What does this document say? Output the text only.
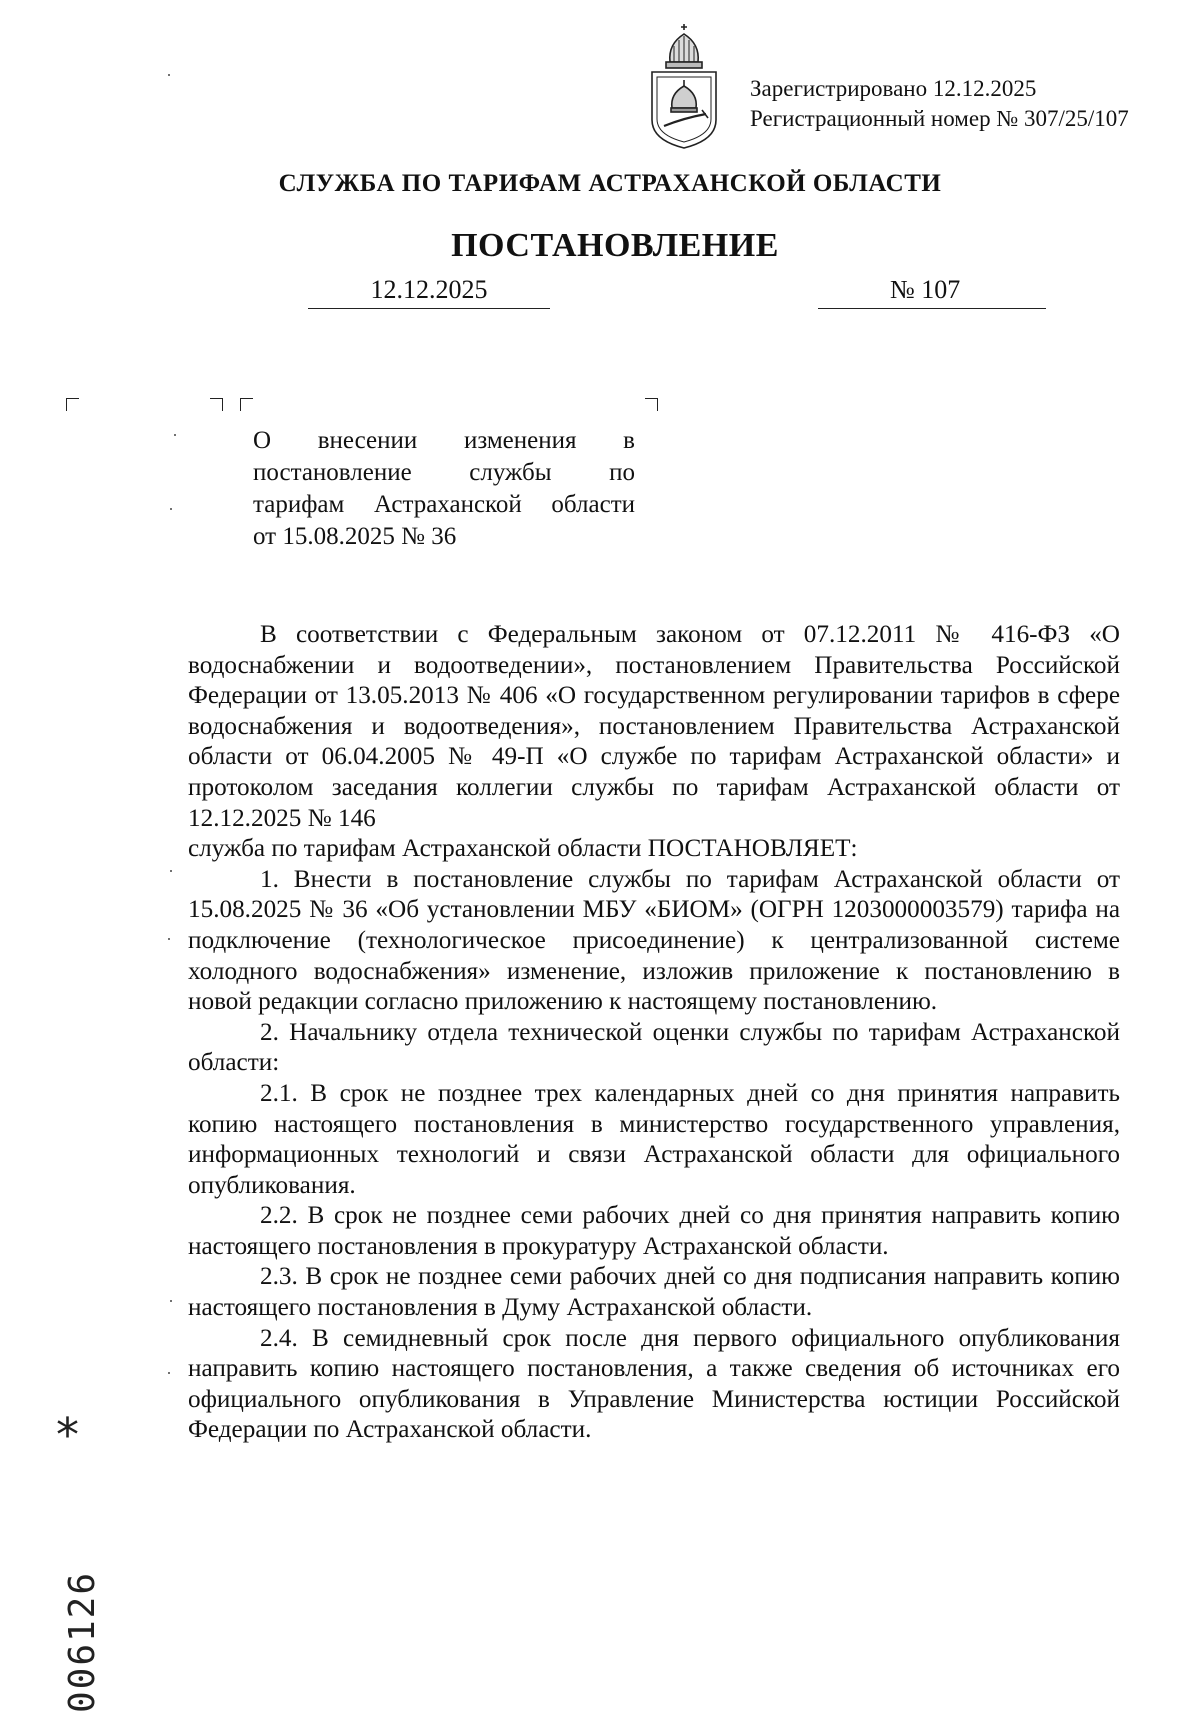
Зарегистрировано 12.12.2025
Регистрационный номер № 307/25/107
СЛУЖБА ПО ТАРИФАМ АСТРАХАНСКОЙ ОБЛАСТИ
ПОСТАНОВЛЕНИЕ
12.12.2025	№ 107
О внесении изменения в
постановление службы по
тарифам Астраханской области
от 15.08.2025 № 36

В соответствии с Федеральным законом от 07.12.2011 № 416-ФЗ «О водоснабжении и водоотведении», постановлением Правительства Российской Федерации от 13.05.2013 № 406 «О государственном регулировании тарифов в сфере водоснабжения и водоотведения», постановлением Правительства Астраханской области от 06.04.2005 № 49-П «О службе по тарифам Астраханской области» и протоколом заседания коллегии службы по тарифам Астраханской области от 12.12.2025 № 146

служба по тарифам Астраханской области ПОСТАНОВЛЯЕТ:

1. Внести в постановление службы по тарифам Астраханской области от 15.08.2025 № 36 «Об установлении МБУ «БИОМ» (ОГРН 1203000003579) тарифа на подключение (технологическое присоединение) к централизованной системе холодного водоснабжения» изменение, изложив приложение к постановлению в новой редакции согласно приложению к настоящему постановлению.

2. Начальнику отдела технической оценки службы по тарифам Астраханской области:

2.1. В срок не позднее трех календарных дней со дня принятия направить копию настоящего постановления в министерство государственного управления, информационных технологий и связи Астраханской области для официального опубликования.

2.2. В срок не позднее семи рабочих дней со дня принятия направить копию настоящего постановления в прокуратуру Астраханской области.

2.3. В срок не позднее семи рабочих дней со дня подписания направить копию настоящего постановления в Думу Астраханской области.

2.4. В семидневный срок после дня первого официального опубликования направить копию настоящего постановления, а также сведения об источниках его официального опубликования в Управление Министерства юстиции Российской Федерации по Астраханской области.

*
006126
